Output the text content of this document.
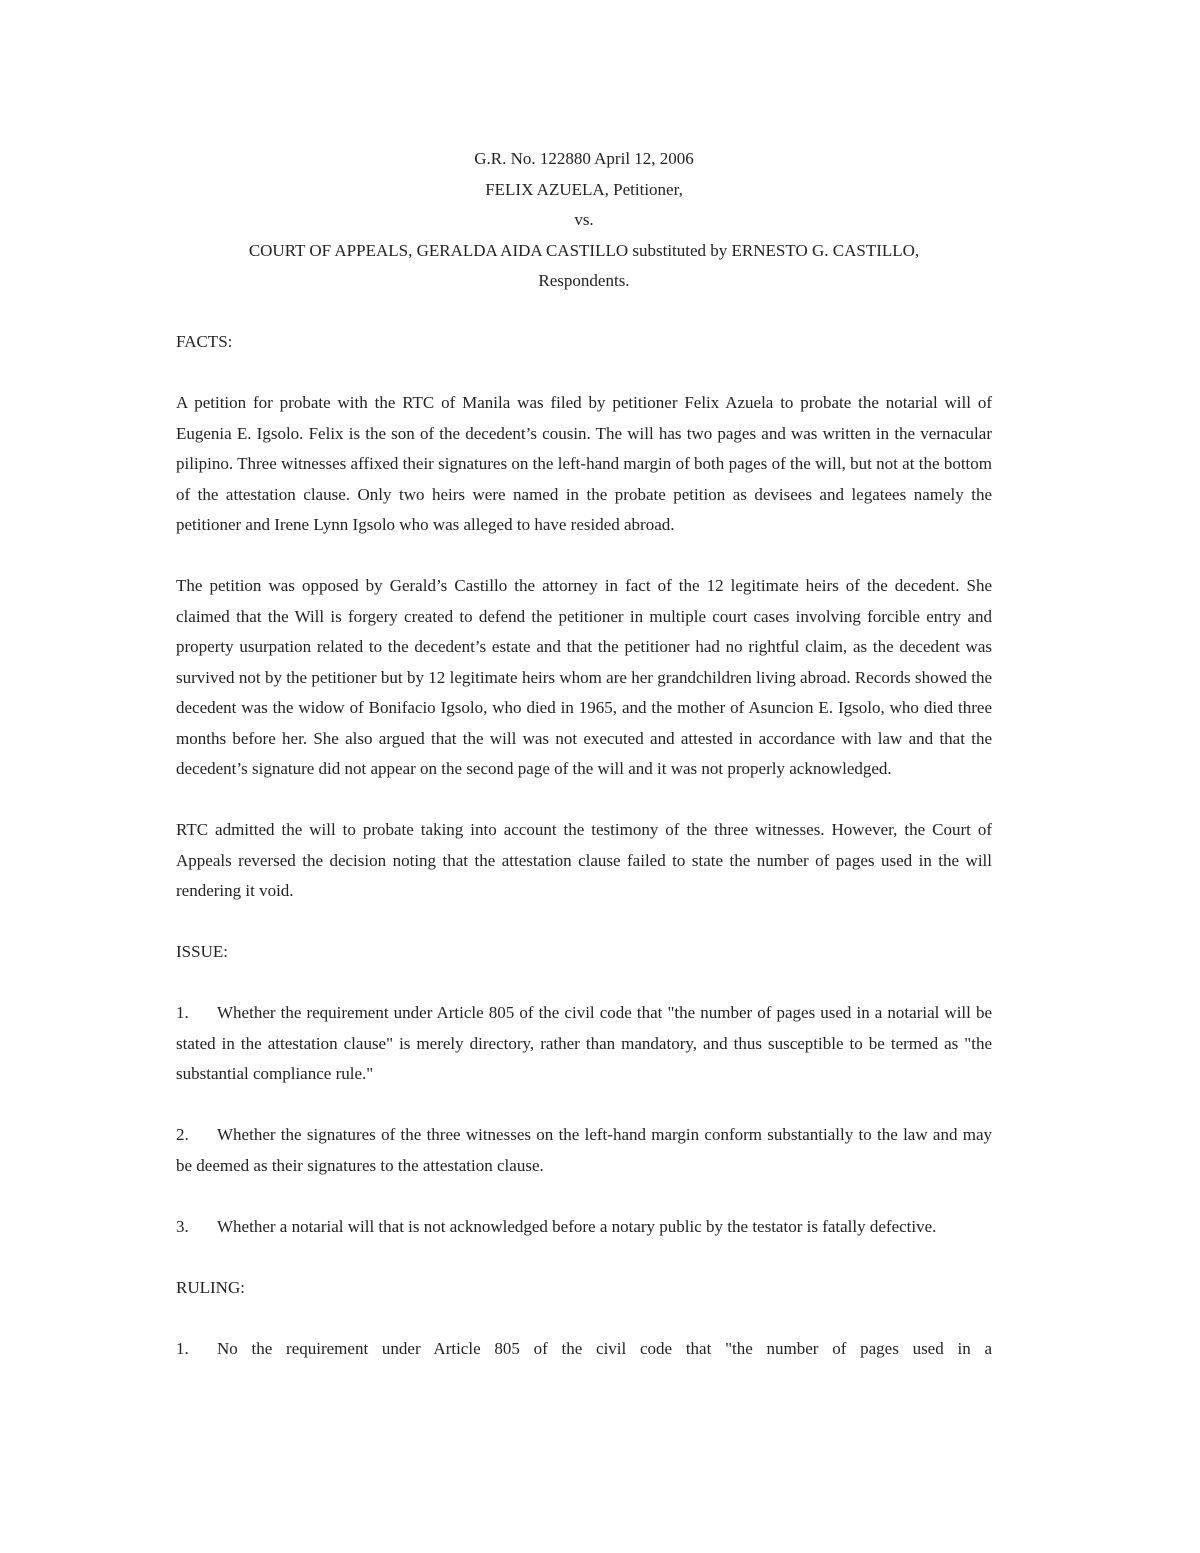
G.R. No. 122880 April 12, 2006
FELIX AZUELA, Petitioner,
vs.
COURT OF APPEALS, GERALDA AIDA CASTILLO substituted by ERNESTO G. CASTILLO,
Respondents.
FACTS:

A petition for probate with the RTC of Manila was filed by petitioner Felix Azuela to probate the notarial will of Eugenia E. Igsolo. Felix is the son of the decedent’s cousin. The will has two pages and was written in the vernacular pilipino. Three witnesses affixed their signatures on the left-hand margin of both pages of the will, but not at the bottom of the attestation clause. Only two heirs were named in the probate petition as devisees and legatees namely the petitioner and Irene Lynn Igsolo who was alleged to have resided abroad.

The petition was opposed by Gerald’s Castillo the attorney in fact of the 12 legitimate heirs of the decedent. She claimed that the Will is forgery created to defend the petitioner in multiple court cases involving forcible entry and property usurpation related to the decedent’s estate and that the petitioner had no rightful claim, as the decedent was survived not by the petitioner but by 12 legitimate heirs whom are her grandchildren living abroad. Records showed the decedent was the widow of Bonifacio Igsolo, who died in 1965, and the mother of Asuncion E. Igsolo, who died three months before her. She also argued that the will was not executed and attested in accordance with law and that the decedent’s signature did not appear on the second page of the will and it was not properly acknowledged.

RTC admitted the will to probate taking into account the testimony of the three witnesses. However, the Court of Appeals reversed the decision noting that the attestation clause failed to state the number of pages used in the will rendering it void.

ISSUE:

1. Whether the requirement under Article 805 of the civil code that "the number of pages used in a notarial will be stated in the attestation clause" is merely directory, rather than mandatory, and thus susceptible to be termed as "the substantial compliance rule."

2. Whether the signatures of the three witnesses on the left-hand margin conform substantially to the law and may be deemed as their signatures to the attestation clause.

3. Whether a notarial will that is not acknowledged before a notary public by the testator is fatally defective.

RULING:

1. No the requirement under Article 805 of the civil code that "the number of pages used in a
